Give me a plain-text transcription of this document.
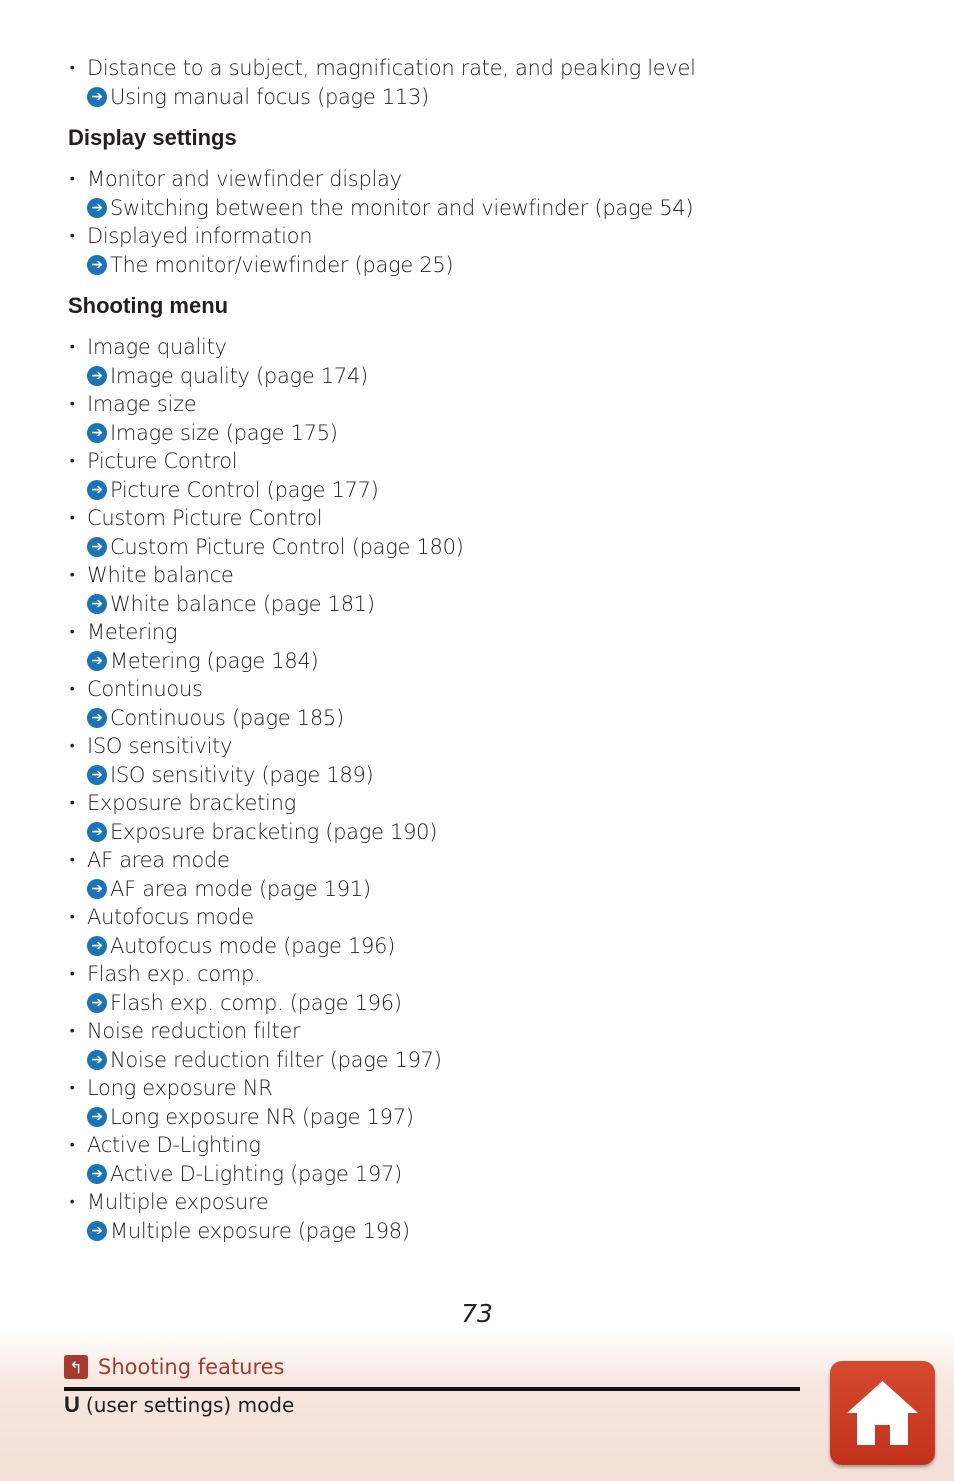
• Distance to a subject, magnification rate, and peaking level
➔ Using manual focus (page 113)
Display settings
• Monitor and viewfinder display
➔ Switching between the monitor and viewfinder (page 54)
• Displayed information
➔ The monitor/viewfinder (page 25)
Shooting menu
• Image quality
➔ Image quality (page 174)
• Image size
➔ Image size (page 175)
• Picture Control
➔ Picture Control (page 177)
• Custom Picture Control
➔ Custom Picture Control (page 180)
• White balance
➔ White balance (page 181)
• Metering
➔ Metering (page 184)
• Continuous
➔ Continuous (page 185)
• ISO sensitivity
➔ ISO sensitivity (page 189)
• Exposure bracketing
➔ Exposure bracketing (page 190)
• AF area mode
➔ AF area mode (page 191)
• Autofocus mode
➔ Autofocus mode (page 196)
• Flash exp. comp.
➔ Flash exp. comp. (page 196)
• Noise reduction filter
➔ Noise reduction filter (page 197)
• Long exposure NR
➔ Long exposure NR (page 197)
• Active D-Lighting
➔ Active D-Lighting (page 197)
• Multiple exposure
➔ Multiple exposure (page 198)
73
↰ Shooting features
U (user settings) mode
